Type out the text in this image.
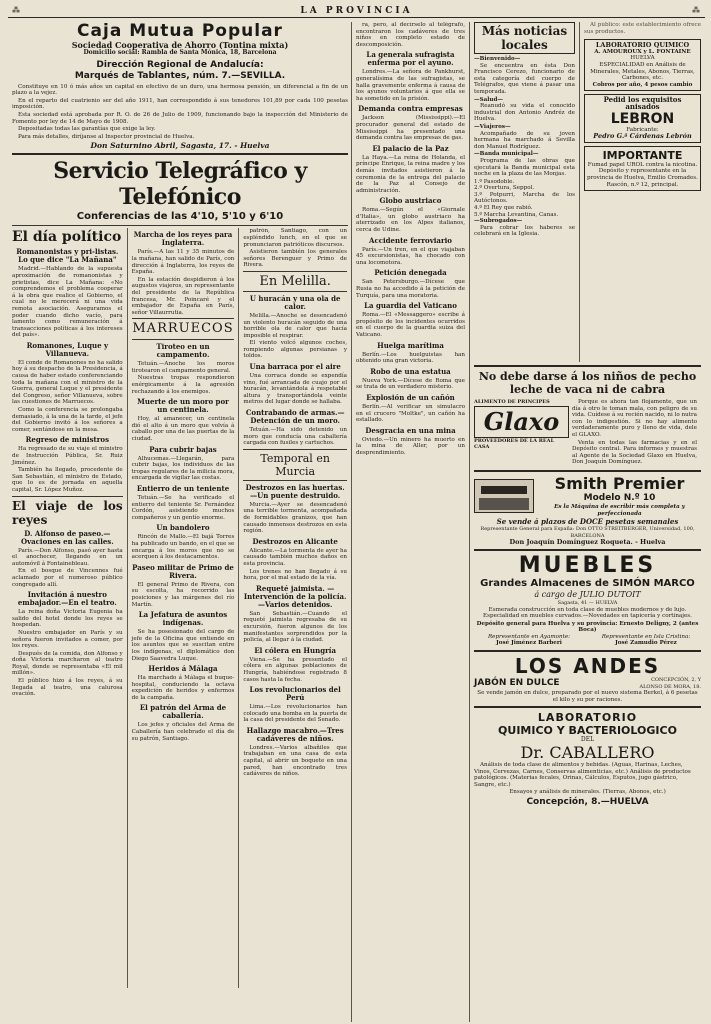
⁂	LA PROVINCIA	⁂
Caja Mutua Popular
Sociedad Cooperativa de Ahorro (Tontina mixta)
Domicilio social: Rambla de Santa Mónica, 18, Barcelona
Dirección Regional de Andalucía:
Marqués de Tablantes, núm. 7.—SEVILLA.

Constituye en 10 ó más años un capital en efectivo de un duro, una hermosa pensión, un diferencial a fin de un plazo a la vejez.

En el reparto del cuatrienio ser del año 1911, han correspondido á sus tenedores 101,89 por cada 100 pesetas imposición.

Esta sociedad está aprobada por R. O. de 26 de Julio de 1909, funcionando bajo la inspección del Ministerio de Fomento por ley de 14 de Mayo de 1908.

Depositadas todas las garantías que exige la ley.

Para más detalles, diríjanse al Inspector provincial de Huelva.

Don Saturnino Abril, Sagasta, 17. - Huelva
Servicio Telegráfico y Telefónico
Conferencias de las 4'10, 5'10 y 6'10
El día político
Romanonistas y pri-listas. Lo que dice "La Mañana"

Madrid.—Hablando de la supuesta aproximación de romanonistas y prietistas, dice La Mañana: «No comprendemos el problema cooperar á la obra que realice el Gobierno, el cual no le merecerá ni una vida remota asociación. Aseguramos el poder cuando dicho vacío, para lamento como remuneración á transacciones políticas á los intereses del país».

Romanones, Luque y Villanueva.

El conde de Romanones no ha salido hoy á su despacho de la Presidencia, á causa de haber estado conferenciando toda la mañana con el ministro de la Guerra, general Luque y el presidente del Congreso, señor Villanueva, sobre las cuestiones de Marruecos.

Como la conferencia se prolongaba demasiado, á la una de la tarde, el jefe del Gobierno invitó á los señores a comer, sentándose en la mesa.

Regreso de ministros

Ha regresado de su viaje el ministro de Instrucción Pública, Sr. Ruiz Jiménez.

También ha llegado, procedente de San Sebastián, el ministro de Estado, que lo es de jornada en aquella capital, Sr. López Muñoz.

El viaje de los reyes
D. Alfonso de paseo.—Ovaciones en las calles.

París.—Don Alfonso, pasó ayer hasta el anochecer, llegando en un automóvil á Fontainebleau.

En el bosque de Vincennes fué aclamado por el numeroso público congregado allí.

Invitación á nuestro embajador.—En el teatro.

La reina doña Victoria Eugenia ha salido del hotel donde los reyes se hospedan.

Nuestro embajador en París y su señora fueron invitados a comer, por los reyes.

Después de la comida, don Alfonso y doña Victoria marcharon al teatro Royal, donde se representaba «El mil millón».

El público hizo á los reyes, á su llegada al teatro, una calurosa ovación.

Marcha de los reyes para Inglaterra.

París.—A las 11 y 35 minutos de la mañana, han salido de París, con dirección á Inglaterra, los reyes de España.

En la estación despidieron á los augustos viajeros, un representante del presidente de la República francesa, Mr. Poincaré y el embajador de España en París, señor Villaurrutia.

MARRUECOS
Tiroteo en un campamento.

Tetuán.—Anoche los moros tirotearon el campamento general.

Nuestras tropas respondieron enérgicamente á la agresión rechazando á los enemigos.

Muerte de un moro por un centinela.

Hoy, al amanecer, un centinela dió el alto á un moro que volvía á caballo por una de las puertas de la ciudad.

Para cubrir bajas

Alhucemas.—Llegarán, para cubrir bajas, los individuos de las tropas regulares de la milicia mora, encargada de vigilar las costas.

Entierro de un teniente

Tetuán.—Se ha verificado el entierro del teniente Sr. Fernández Cordón, asistiendo muchos compañeros y un gentío enorme.

Un bandolero

Rincón de Mallo.—El bajá Torres ha publicado un bando, en el que se encarga á los moros que no se acerquen á los destacamentos.

Paseo militar de Primo de Rivera.

El general Primo de Rivera, con su escolta, ha recorrido las posiciones y las márgenes del río Martín.

La Jefatura de asuntos indígenas.

Se ha posesionado del cargo de jefe de la Oficina que entiende en los asuntos que se suscitan entre los indígenas, el diplomático don Diego Saavedra Luque.

Heridos á Málaga

Ha marchado á Málaga el buque-hospital, conduciendo la octava expedición de heridos y enfermos de la campaña.

El patrón del Arma de caballería.

Los jefes y oficiales del Arma de Caballería han celebrado el día de su patrón, Santiago.

patrón, Santiago, con un espléndido lunch, en el que se pronunciaron patrióticos discursos.

Asistieron también los generales señores Berenguer y Primo de Rivera.

En Melilla.
U huracán y una ola de calor.

Melilla.—Anoche se desencadenó un violento huracán seguido de una horrible ola de calor que hacía imposible el respirar.

El viento volcó algunos coches, rompiendo algunas persianas y toldos.

Una barraca por el aire

Una corraca donde se expendía vino, fué arrancada de cuajo por el huracán, levantándola á respetable altura y transportándola veinte metros del lugar donde se hallaba.

Contrabando de armas.—Detención de un moro.

Tetuán.—Ha sido detenido un moro que conducía una caballería cargada con fusiles y cartuchos.

Temporal en Murcia
Destrozos en las huertas.—Un puente destruido.

Murcia.—Ayer se desencadenó una terrible tormenta, acompañada de formidables granizos, que han causado inmensos destrozos en esta región.

Destrozos en Alicante

Alicante.—La tormenta de ayer ha causado también muchos daños en esta provincia.

Los trenes no han llegado á su hora, por el mal estado de la vía.

Requeté jaimista. — Intervención de la policía.—Varios detenidos.

San Sebastián.—Cuando el requeté jaimista regresaba de su excursión, fueron algunos de los manifestantes sorprendidos por la policía, al llegar á la ciudad.

El cólera en Hungría

Viena.—Se ha presentado el cólera en algunas poblaciones de Hungría, habiéndose registrado 8 casos hasta la fecha.

Los revolucionarios del Perú

Lima.—Los revolucionarios han colocado una bomba en la puerta de la casa del presidente del Senado.

Hallazgo macabro.—Tres cadáveres de niños.

Londres.—Varios albañiles que trabajaban en una casa de esta capital, al abrir un boquete en una pared, han encontrado tres cadáveres de niños.

ra, pero, al decírselo al telégrafo, encontraron los cadáveres de tres niños en completo estado de descomposición.

La generala sufragista enferma por el ayuno.

Londres.—La señora de Pankhurst, generalísima de las sufragistas, se halla gravemente enferma á causa de los ayunos voluntarios á que ella se ha sometido en la prisión.

Demanda contra empresas

Jackson (Mississippi).—El procurador general del estado de Mississippi ha presentado una demanda contra las empresas de gas.

El palacio de la Paz

La Haya.—La reina de Holanda, el príncipe Enrique, la reina madre y los demás invitados asistieron á la ceremonia de la entrega del palacio de la Paz al Consejo de administración.

Globo austriaco

Roma.—Según el «Giornale d'Italia», un globo austriaco ha aterrizado en los Alpes italianos, cerca de Udine.

Accidente ferroviario

París.—Un tren, en el que viajaban 45 excursionistas, ha chocado con una locomotora.

Petición denegada

San Petersburgo.—Dícese que Rusia no ha accedido á la petición de Turquía, para una moratoria.

La guardia del Vaticano

Roma.—El «Messaggero» escribe á propósito de los incidentes ocurridos en el cuerpo de la guardia suiza del Vaticano.

Huelga marítima

Berlín.—Los huelguistas han obtenido una gran victoria.

Robo de una estatua

Nueva York.—Dícese de Roma que se trata de un verdadero misterio.

Explosión de un cañón

Berlín.—Al verificar un simulacro en el crucero "Moltke", un cañón ha estallado.

Desgracia en una mina

Oviedo.—Un minero ha muerto en la mina de Aller, por un desprendimiento.

Más noticias locales
—Bienvenido—

Se encuentra en ésta Don Francisco Cerezo, funcionario de esta categoría del cuerpo de Telégrafos, que viene á pasar una temporada.

—Salud—

Reanudó su vida el conocido industrial don Antonio Andréz de Huelva.

—Viajeros—

Acompañado de su joven hermana ha marchado á Sevilla don Manuel Rodríguez.

—Banda municipal—

Programa de las obras que ejecutará la Banda municipal esta noche en la plaza de las Monjas.

1.º Pasodoble.
2.º Overtura, Seppol.
3.º Potpurri, Marcha de los Autóctonos.
4.º El Rey que rabió.
5.º Marcha Levantina, Canas.
—Subrogados—

Para cobrar los haberes se celebrará en la Iglesia.

Al público: este establecimiento ofrece sus productos.

LABORATORIO QUIMICO
A. AMOUROUX y L. FONTAINE
HUELVA
ESPECIALIDAD en Análisis de Minerales, Metales, Abonos, Tierras, Carbones, etc.
Cobros por año, 4 pesos cambio
Pedid los exquisitos anisados
LEBRON
Fabricante:
Pedro G.ª Cárdenas Lebrón
IMPORTANTE
Fumad papel UROL contra la nicotina.
Depósito y representante en la provincia de Huelva, Emilio Cromades.
Rascón, n.º 12, principal.
No debe darse á los niños de pecho leche de vaca ni de cabra
ALIMENTO DE PRINCIPES
Glaxo
PROVEEDORES DE LA REAL CASA

Porque es ahora tan flojamente, que un día á otro le toman mala, con peligro de su vida. Cuídese á su recién nacido, ni lo nutra con lo indigestión. Si no hay alimento verdaderamente puro y lleno de vida, dele el GLAXO.

Venta en todas las farmacias y en el Depósito central. Para informes y muestras al Agente de la Sociedad Glaxo en Huelva, Don Joaquín Domínguez.

Smith Premier
Modelo N.º 10
Es la Máquina de escribir más completa y perfeccionada
Se vende á plazos de DOCE pesetas semanales
Representante General para España: Don OTTO STREITBERGER, Universidad, 100, BARCELONA
Don Joaquín Domínguez Roqueta. - Huelva
MUEBLES
Grandes Almacenes de SIMÓN MARCO
á cargo de JULIO DUTOIT
Sagasta, 41 — HUELVA

Esmerada construcción en toda clase de muebles modernos y de lujo. Especialidad en muebles curvados.—Novedades en tapicería y cortinajes.

Depósito general para Huelva y su provincia: Ernesto Deligny, 2 (antes Boca)
Representante en Ayamonte:
José Jiménez Barberi
Representante en Isla Cristina:
José Zamudio Pérez
LOS ANDES
JABÓN EN DULCE	CONCEPCIÓN, 2, Y ALONSO DE MORA, 18.

Se vende jamón en dulce, preparado por el nuevo sistema Berkel, á 6 pesetas el kilo y su por raciones.

LABORATORIO
QUIMICO Y BACTERIOLOGICO
DEL
Dr. CABALLERO

Análisis de toda clase de alimentos y bebidas. (Aguas, Harinas, Leches, Vinos, Cervezas, Carnes, Conservas alimenticias, etc.) Análisis de productos patológicos. (Materias fecales, Orinas, Cálculos, Esputos, jugo gástrico, Sangre, etc.)

Ensayos y análisis de minerales. (Tierras, Abonos, etc.)

Concepción, 8.—HUELVA
